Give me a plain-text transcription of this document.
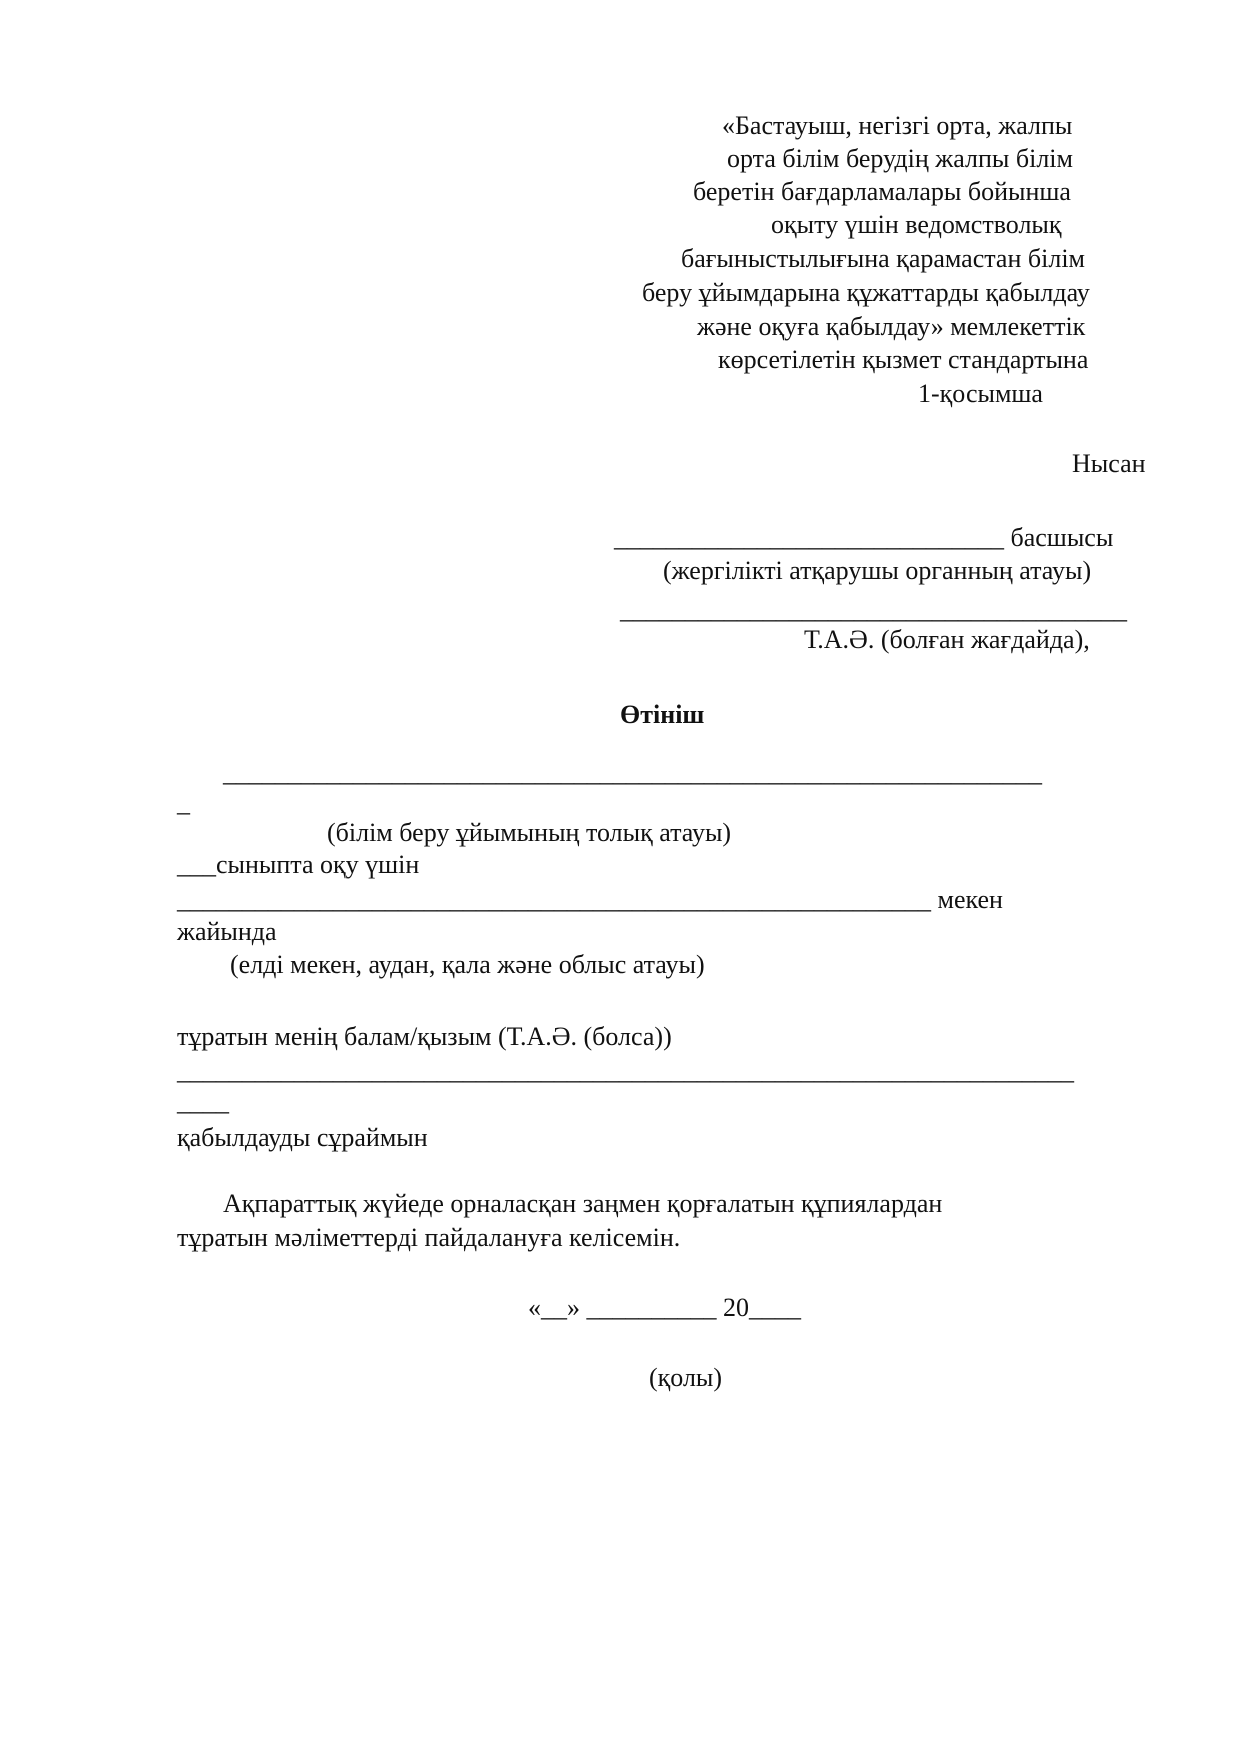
«Бастауыш, негізгі орта, жалпы
орта білім берудің жалпы білім
беретін бағдарламалары бойынша
оқыту үшін ведомстволық
бағыныстылығына қарамастан білім
беру ұйымдарына құжаттарды қабылдау
және оқуға қабылдау» мемлекеттік
көрсетілетін қызмет стандартына
1-қосымша
Нысан
______________________________ басшысы
(жергілікті атқарушы органның атауы)
_______________________________________
Т.А.Ә. (болған жағдайда),
Өтініш
_______________________________________________________________
_
(білім беру ұйымының толық атауы)
___сыныпта оқу үшін
__________________________________________________________ мекен
жайында
(елді мекен, аудан, қала және облыс атауы)
тұратын менің балам/қызым (Т.А.Ә. (болса))
_____________________________________________________________________
____
қабылдауды сұраймын
Ақпараттық жүйеде орналасқан заңмен қорғалатын құпиялардан
тұратын мәліметтерді пайдалануға келісемін.
«__» __________ 20____
(қолы)
